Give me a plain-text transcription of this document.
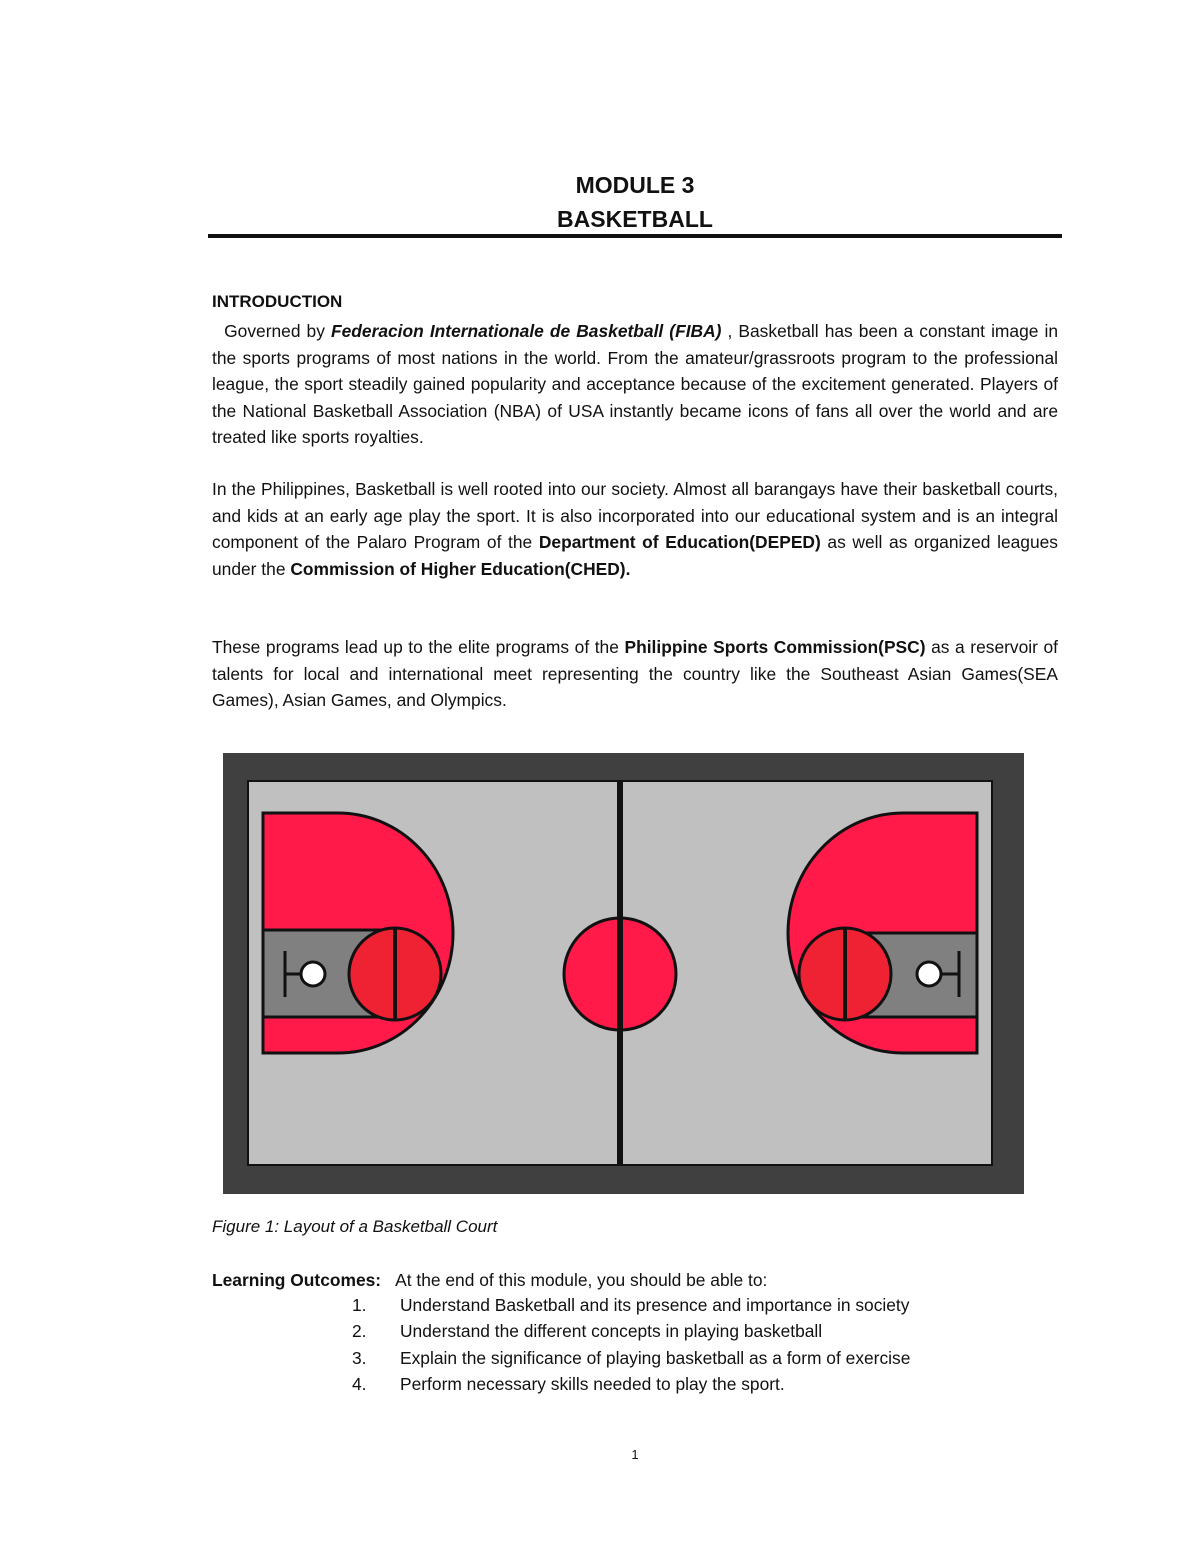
MODULE 3
BASKETBALL
INTRODUCTION

Governed by Federacion Internationale de Basketball (FIBA) , Basketball has been a constant image in the sports programs of most nations in the world. From the amateur/grassroots program to the professional league, the sport steadily gained popularity and acceptance because of the excitement generated. Players of the National Basketball Association (NBA) of USA instantly became icons of fans all over the world and are treated like sports royalties.

In the Philippines, Basketball is well rooted into our society. Almost all barangays have their basketball courts, and kids at an early age play the sport. It is also incorporated into our educational system and is an integral component of the Palaro Program of the Department of Education(DEPED) as well as organized leagues under the Commission of Higher Education(CHED).

These programs lead up to the elite programs of the Philippine Sports Commission(PSC) as a reservoir of talents for local and international meet representing the country like the Southeast Asian Games(SEA Games), Asian Games, and Olympics.

Figure 1: Layout of a Basketball Court
Learning Outcomes: At the end of this module, you should be able to:
1.	Understand Basketball and its presence and importance in society
2.	Understand the different concepts in playing basketball
3.	Explain the significance of playing basketball as a form of exercise
4.	Perform necessary skills needed to play the sport.
1
